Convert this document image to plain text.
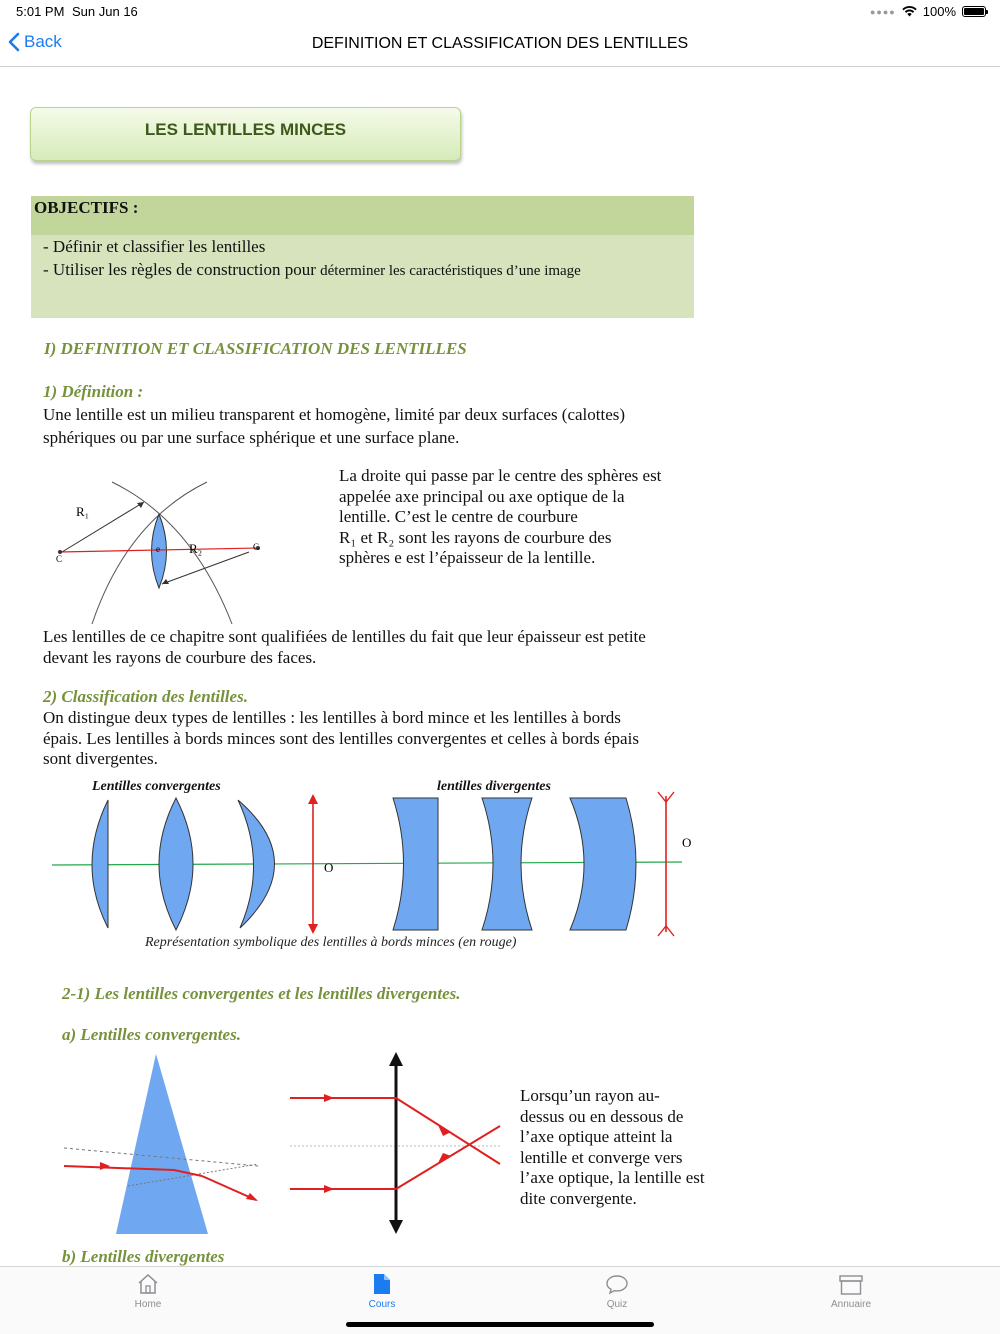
5:01 PM Sun Jun 16	●●●● 100%
Back	DEFINITION ET CLASSIFICATION DES LENTILLES
LES LENTILLES MINCES
OBJECTIFS :
- Définir et classifier les lentilles
- Utiliser les règles de construction pour déterminer les caractéristiques d’une image
I) DEFINITION ET CLASSIFICATION DES LENTILLES
1) Définition :
Une lentille est un milieu transparent et homogène, limité par deux surfaces (calottes)
sphériques ou par une surface sphérique et une surface plane.
R₁
R₂
C
C
e
La droite qui passe par le centre des sphères est
appelée axe principal ou axe optique de la
lentille. C’est le centre de courbure
R₁ et R₂ sont les rayons de courbure des
sphères e est l’épaisseur de la lentille.
Les lentilles de ce chapitre sont qualifiées de lentilles du fait que leur épaisseur est petite
devant les rayons de courbure des faces.
2) Classification des lentilles.
On distingue deux types de lentilles : les lentilles à bord mince et les lentilles à bords
épais. Les lentilles à bords minces sont des lentilles convergentes et celles à bords épais
sont divergentes.
Lentilles convergentes	lentilles divergentes
O
O
Représentation symbolique des lentilles à bords minces (en rouge)
2-1) Les lentilles convergentes et les lentilles divergentes.
a) Lentilles convergentes.
Lorsqu’un rayon au-
dessus ou en dessous de
l’axe optique atteint la
lentille et converge vers
l’axe optique, la lentille est
dite convergente.
b) Lentilles divergentes
Home	Cours	Quiz	Annuaire
